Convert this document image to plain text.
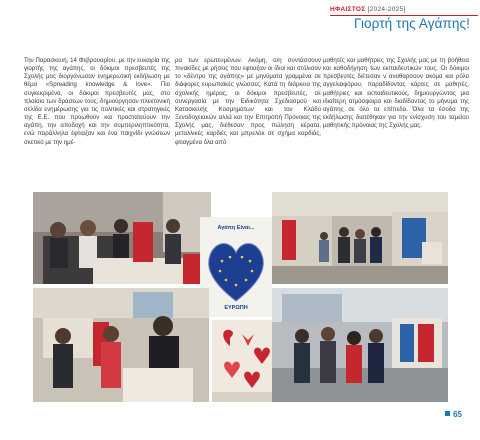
ΗΦΑΙΣΤΟΣ [2024-2025]
Γιορτή της Αγάπης!
Την Παρασκευή, 14 Φεβρουαρίου, με την ευκαιρία της γιορτής της αγάπης, οι δόκιμοι πρεσβευτές της Σχολής μας διοργάνωσαν ενημερωτική εκδήλωση με θέμα «Spreading knowledge & love». Πιο συγκεκριμένα, οι δόκιμοι πρεσβευτές μας, στο πλαίσιο των δράσεων τους, δημιούργησαν πλεκτονική σελίδα ενημέρωσης για τις πολιτικές και στρατηγικές της Ε.Ε. που προωθούν και προστατεύουν την αγάπη, την αποδοχή και την συμπεριληπτικότητα, ενώ παράλληλα έφτιαξαν και ένα παιχνίδι γνώσεων σκετικό με την ημέ-
ρα των ερωτευμένων. Ακόμη, ο/η συντάσσουν πινακίδες με ρήσεις που εφτιαξαν οι ίδιοι και στόλισαν το «δέντρο της αγάπης» με μηνύματα γραμμένα σε διάφορες ευρωπαϊκές γλώσσες. Κατά τη διάρκεια της σχολικής ημέρας, οι δόκιμοι πρεσβευτές, σε συνεργασία με την Ειδικότητα Σχεδιασμού και Κατασκευής Κοσμημάτων και τον Κλάδο Ξενοδοχειακών αλλά και την Επιτροπή Πρόνοιας της Σχολής μας, διέθεσαν προς πώληση κέρατα, μεταλλικές καρδιές και μπρελόκ σε σχήμα καρδιάς, φτιαγμένα όλα από
μαθητές και μαθήτριες της Σχολής μας με τη βοήθεια και καθοδήγηση των εκπαιδευτικών τους. Οι δόκιμοι πρεσβευτές διέτεσαν ν αναθαρσουν ακόμα και ρόλο αγγελιαφόρου, παραδίδοντας κάρτες σε μαθητές, μαθήτριες και εκπαιδευτικούς, δημιουργώντας μια ιδιαίτερη ατμόσφαιρα και διαδίδοντας το μήνυμα της αγάπης σε όλο τα επίπεδα. Όλα τα έσοδα της εκδήλωσης διατέθηκαν για την ενίσχυση του ταμείου μαθητικής πρόνοιας της Σχολής μας.
Αγάπη Είναι...
ΕΥΡΩΠΗ
65
